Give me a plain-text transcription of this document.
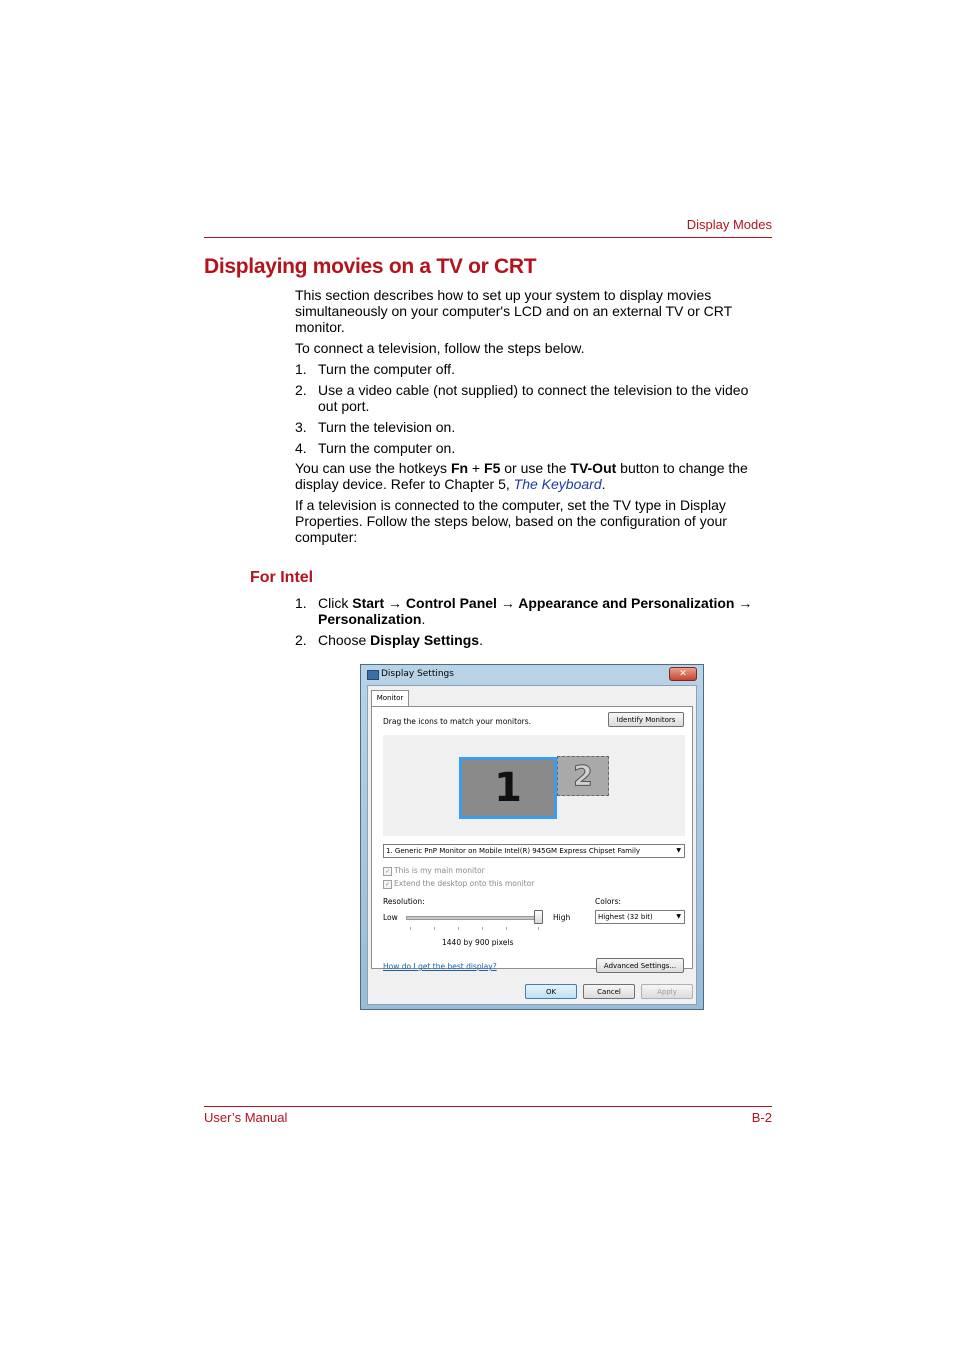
Display Modes
Displaying movies on a TV or CRT
This section describes how to set up your system to display movies
simultaneously on your computer's LCD and on an external TV or CRT
monitor.
To connect a television, follow the steps below.
1. Turn the computer off.
2. Use a video cable (not supplied) to connect the television to the video
out port.
3. Turn the television on.
4. Turn the computer on.
You can use the hotkeys Fn + F5 or use the TV-Out button to change the
display device. Refer to Chapter 5, The Keyboard.
If a television is connected to the computer, set the TV type in Display
Properties. Follow the steps below, based on the configuration of your
computer:
For Intel
1. Click Start → Control Panel → Appearance and Personalization →
Personalization.
2. Choose Display Settings.
Display Settings	✕
Monitor
Drag the icons to match your monitors.	Identify Monitors
1	2
1. Generic PnP Monitor on Mobile Intel(R) 945GM Express Chipset Family	▼
✓ This is my main monitor
✓ Extend the desktop onto this monitor
Resolution:
Low	High
1440 by 900 pixels
Colors:
Highest (32 bit)	▼
How do I get the best display?	Advanced Settings...
OK	Cancel	Apply
User’s Manual	B-2
